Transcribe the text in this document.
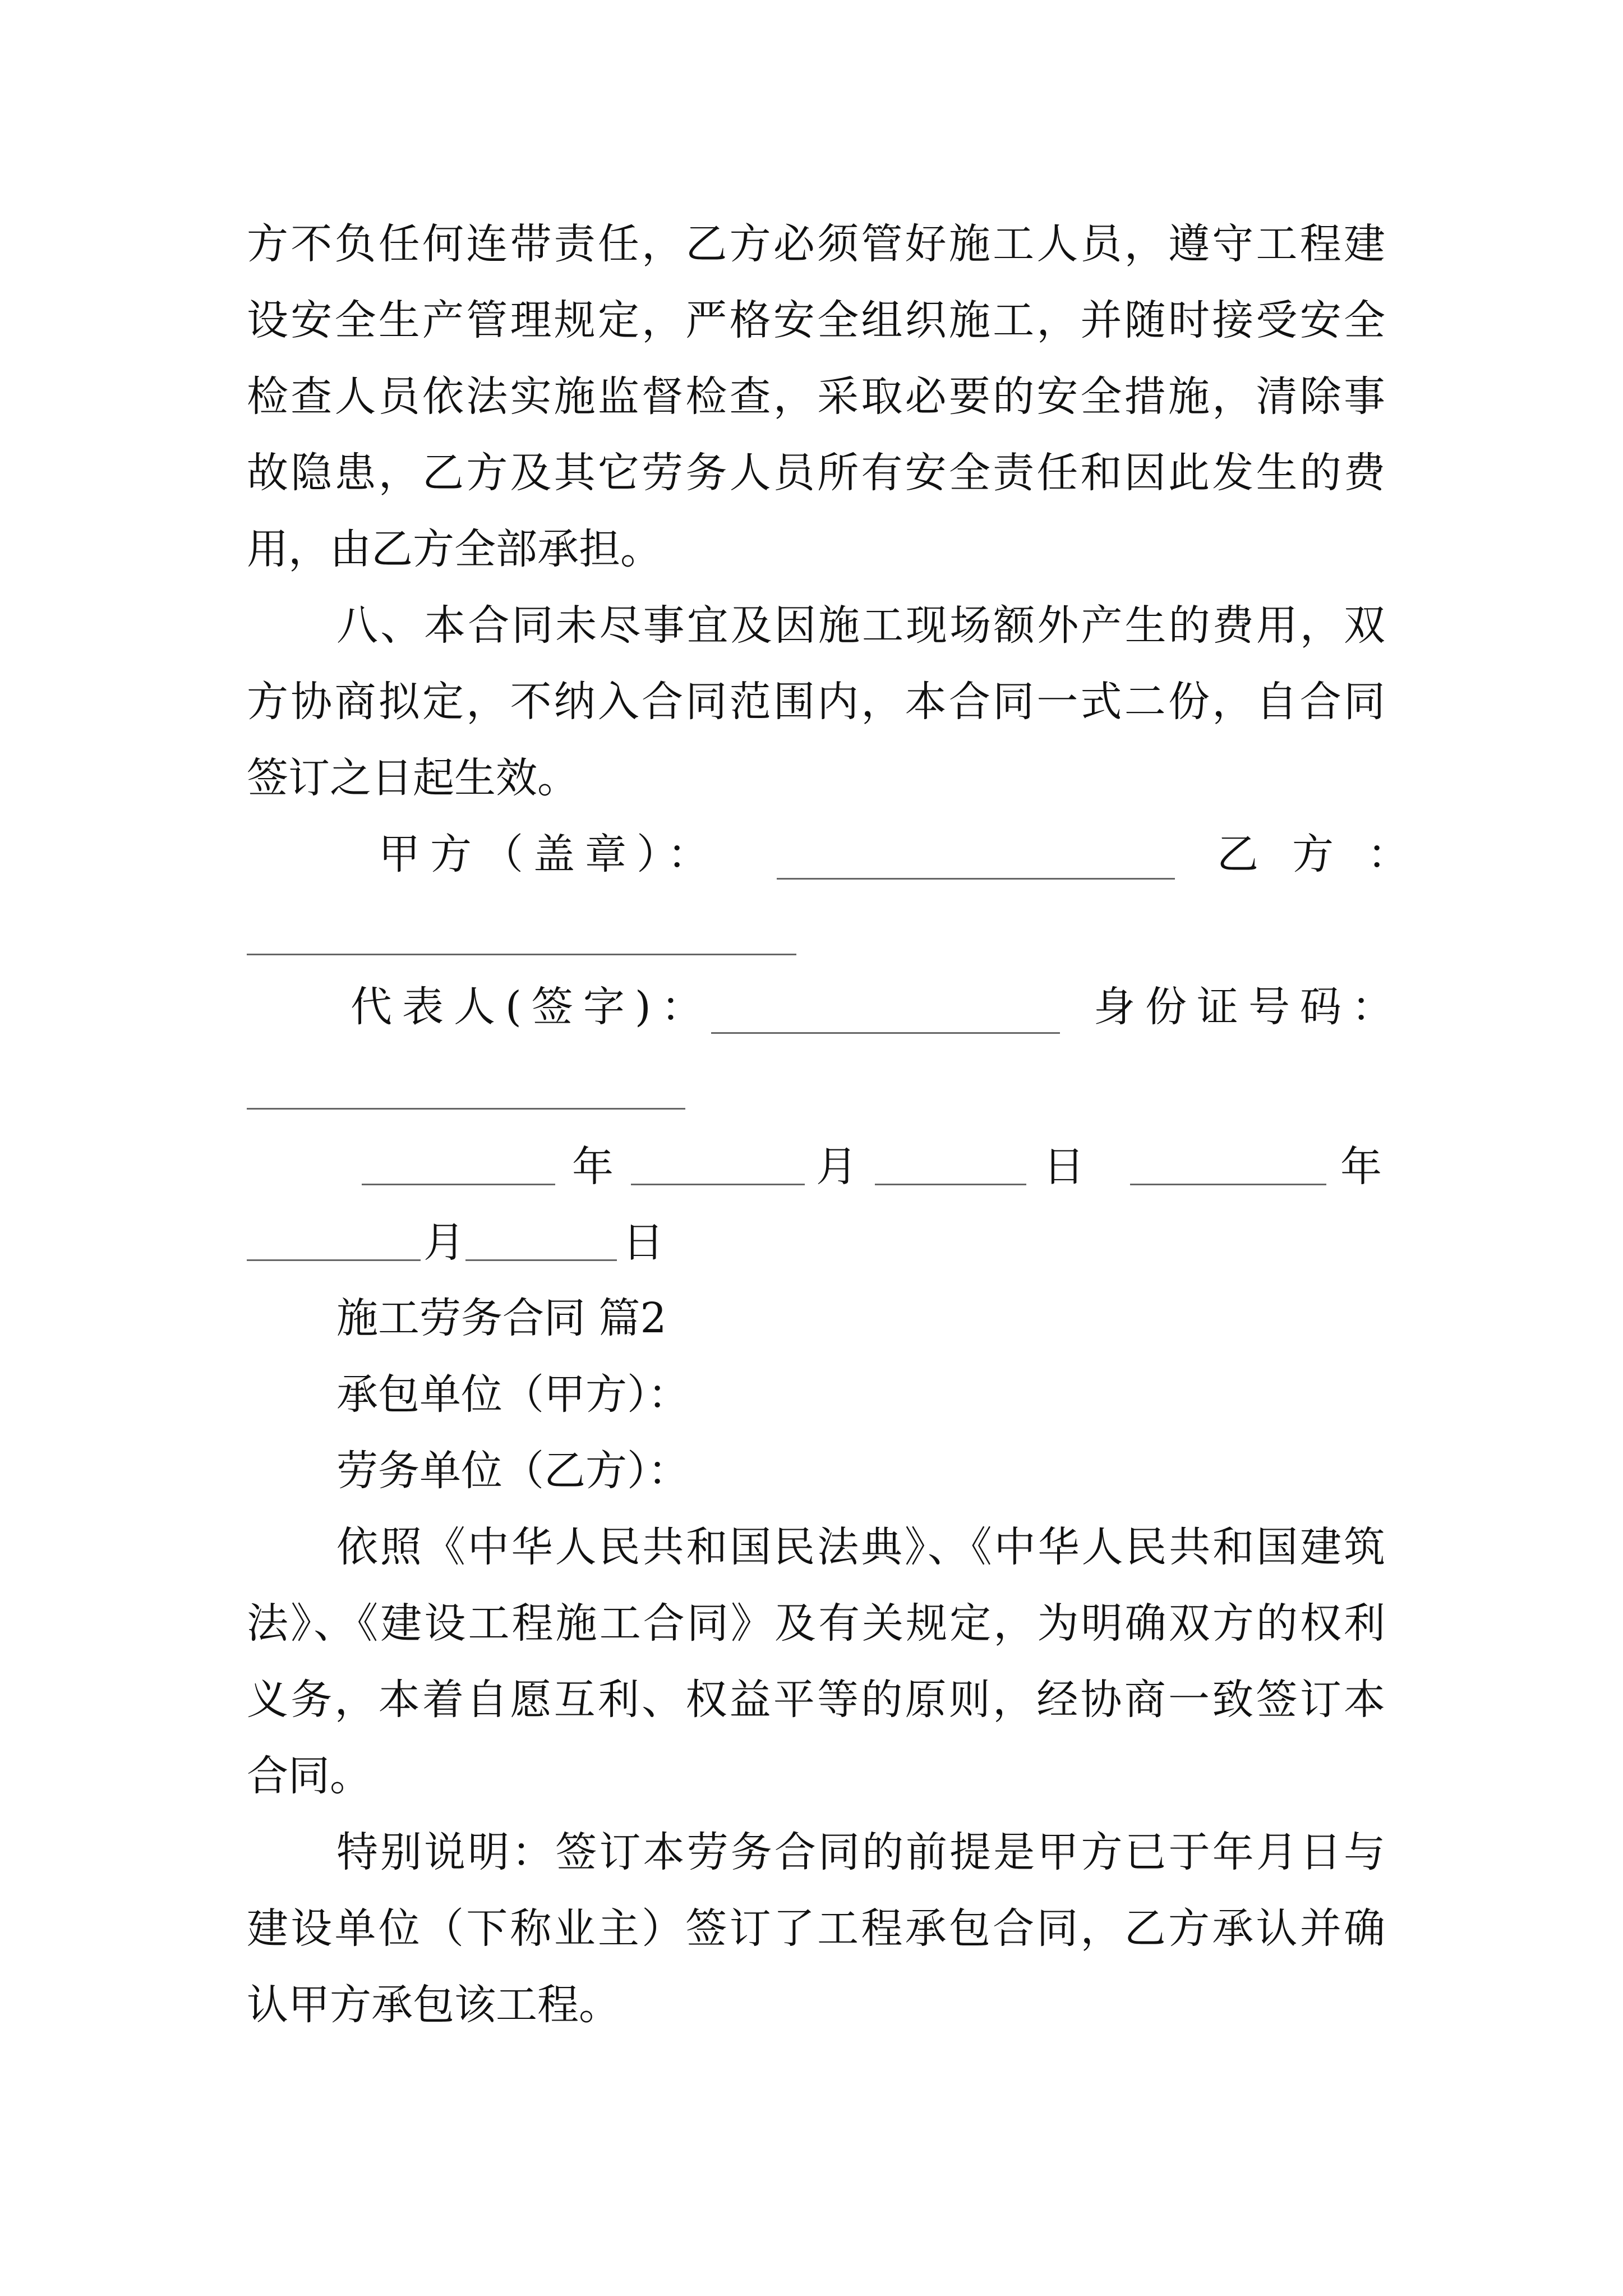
方不负任何连带责任，乙方必须管好施工人员，遵守工程建
设安全生产管理规定，严格安全组织施工，并随时接受安全
检查人员依法实施监督检查，采取必要的安全措施，清除事
故隐患，乙方及其它劳务人员所有安全责任和因此发生的费
用，由乙方全部承担。
八、本合同未尽事宜及因施工现场额外产生的费用，双
方协商拟定，不纳入合同范围内，本合同一式二份，自合同
签订之日起生效。
甲方（盖章）：	乙方：
代表人(签字)：	身份证号码：
年	月	日	年
月	日
施工劳务合同 篇2
承包单位（甲方）：
劳务单位（乙方）：
依照《中华人民共和国民法典》、《中华人民共和国建筑
法》、《建设工程施工合同》及有关规定，为明确双方的权利
义务，本着自愿互利、权益平等的原则，经协商一致签订本
合同。
特别说明：签订本劳务合同的前提是甲方已于年月日与
建设单位（下称业主）签订了工程承包合同，乙方承认并确
认甲方承包该工程。
